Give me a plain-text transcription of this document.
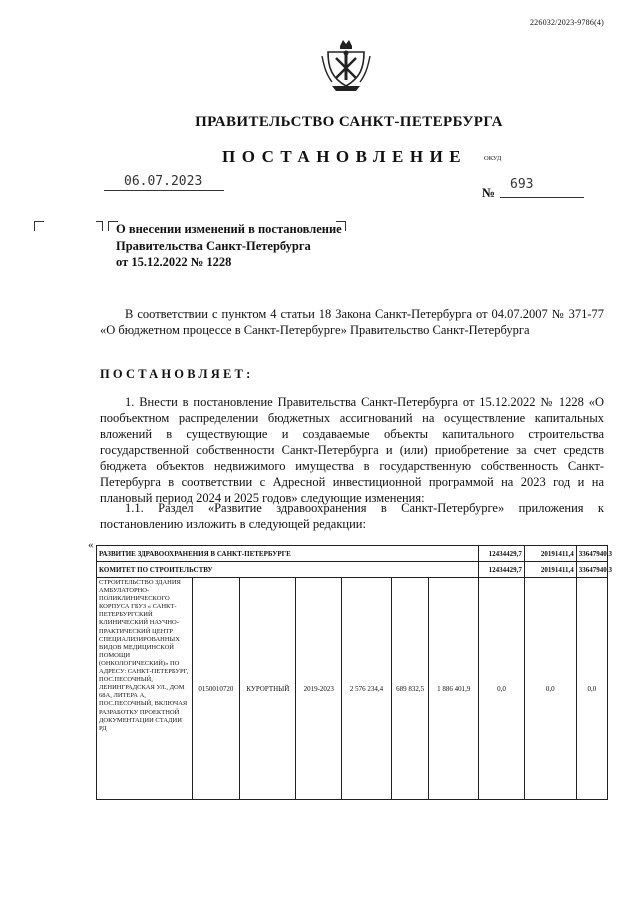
226032/2023-9786(4)
ПРАВИТЕЛЬСТВО САНКТ-ПЕТЕРБУРГА
ПОСТАНОВЛЕНИЕ	ОКУД
06.07.2023
№
693
О внесении изменений в постановление
Правительства Санкт-Петербурга
от 15.12.2022 № 1228
В соответствии с пунктом 4 статьи 18 Закона Санкт-Петербурга от 04.07.2007 № 371-77 «О бюджетном процессе в Санкт-Петербурге» Правительство Санкт-Петербурга
ПОСТАНОВЛЯЕТ:
1. Внести в постановление Правительства Санкт-Петербурга от 15.12.2022 № 1228 «О пообъектном распределении бюджетных ассигнований на осуществление капитальных вложений в существующие и создаваемые объекты капитального строительства государственной собственности Санкт-Петербурга и (или) приобретение за счет средств бюджета объектов недвижимого имущества в государственную собственность Санкт-Петербурга в соответствии с Адресной инвестиционной программой на 2023 год и на плановый период 2024 и 2025 годов» следующие изменения:
1.1. Раздел «Развитие здравоохранения в Санкт-Петербурге» приложения к постановлению изложить в следующей редакции:
«
РАЗВИТИЕ ЗДРАВООХРАНЕНИЯ В САНКТ-ПЕТЕРБУРГЕ							12434429,7	20191411,4	33647940,3
КОМИТЕТ ПО СТРОИТЕЛЬСТВУ							12434429,7	20191411,4	33647940,3
СТРОИТЕЛЬСТВО ЗДАНИЯ АМБУЛАТОРНО-ПОЛИКЛИНИЧЕСКОГО КОРПУСА ГБУЗ « САНКТ-ПЕТЕРБУРГСКИЙ КЛИНИЧЕСКИЙ НАУЧНО-ПРАКТИЧЕСКИЙ ЦЕНТР СПЕЦИАЛИЗИРОВАННЫХ ВИДОВ МЕДИЦИНСКОЙ ПОМОЩИ (ОНКОЛОГИЧЕСКИЙ)» ПО АДРЕСУ: САНКТ-ПЕТЕРБУРГ, ПОС.ПЕСОЧНЫЙ, ЛЕНИНГРАДСКАЯ УЛ., ДОМ 68А, ЛИТЕРА А, ПОС.ПЕСОЧНЫЙ, ВКЛЮЧАЯ РАЗРАБОТКУ ПРОЕКТНОЙ ДОКУМЕНТАЦИИ СТАДИИ РД	0150010720	КУРОРТНЫЙ	2019-2023	2 576 234,4	689 832,5	1 886 401,9	0,0	0,0	0,0
